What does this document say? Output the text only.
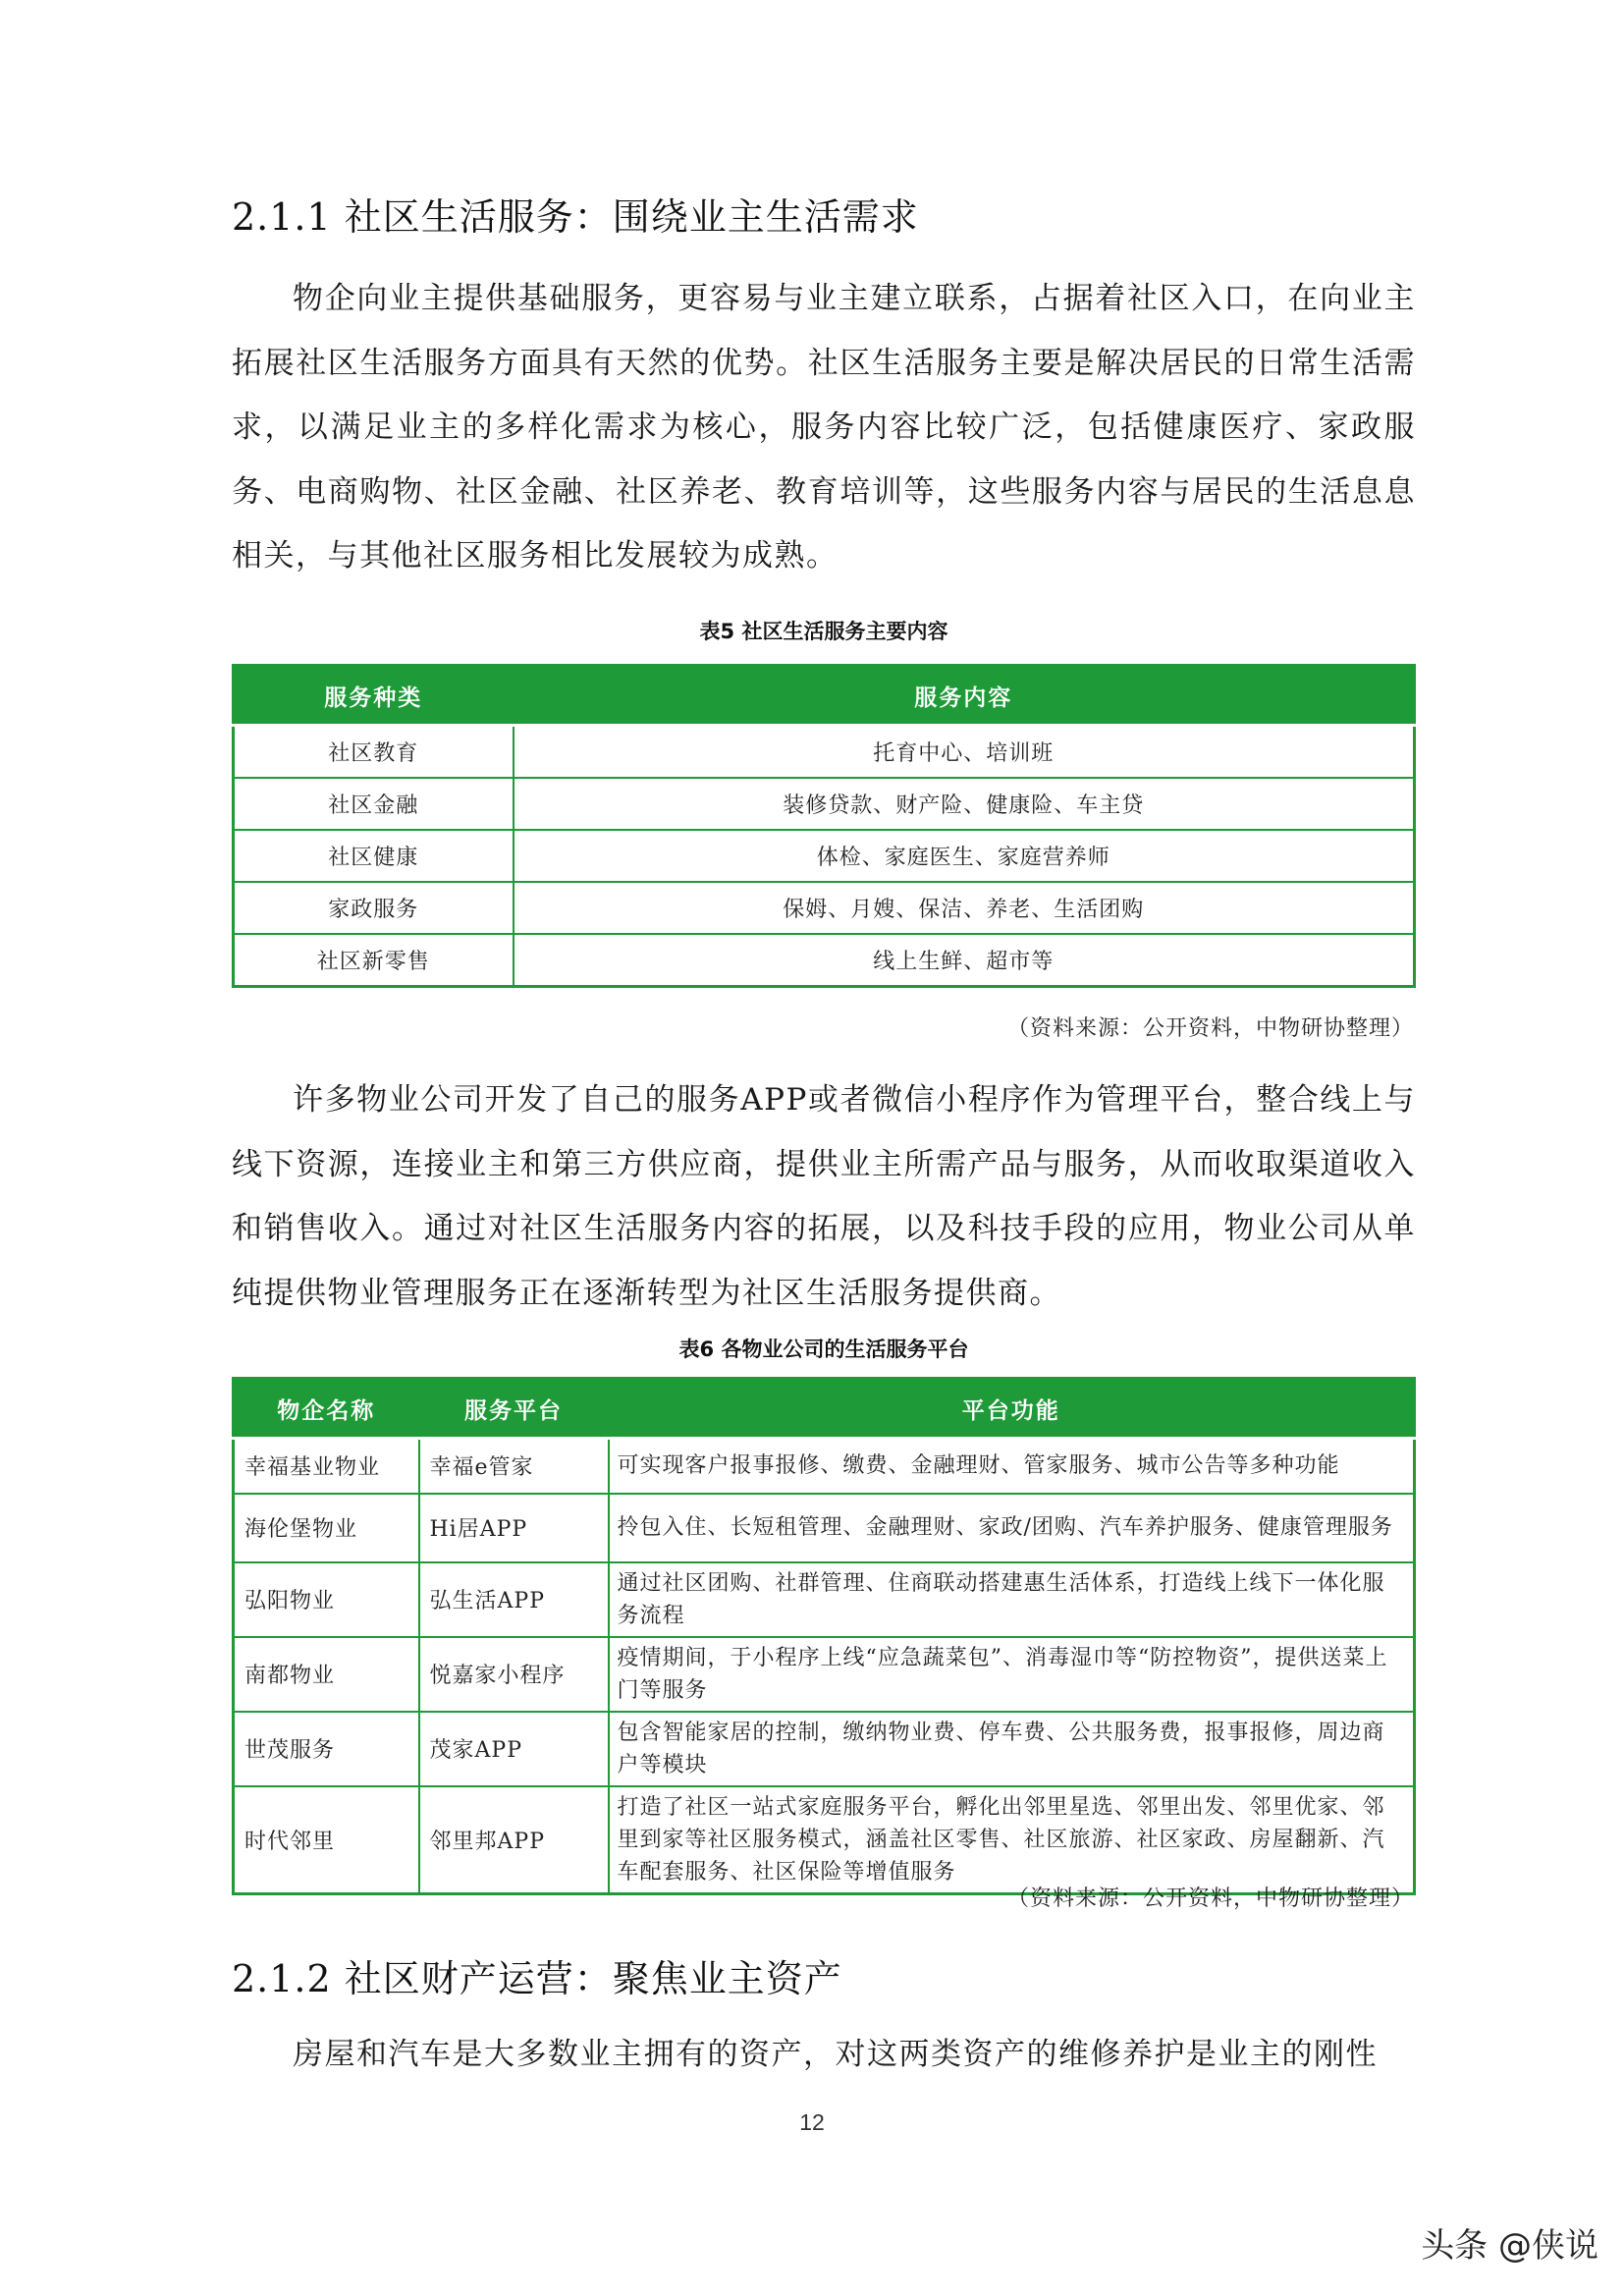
2.1.1 社区生活服务：围绕业主生活需求

物企向业主提供基础服务，更容易与业主建立联系，占据着社区入口，在向业主拓展社区生活服务方面具有天然的优势。社区生活服务主要是解决居民的日常生活需求，以满足业主的多样化需求为核心，服务内容比较广泛，包括健康医疗、家政服务、电商购物、社区金融、社区养老、教育培训等，这些服务内容与居民的生活息息相关，与其他社区服务相比发展较为成熟。

表5 社区生活服务主要内容

服务种类	服务内容
社区教育	托育中心、培训班
社区金融	装修贷款、财产险、健康险、车主贷
社区健康	体检、家庭医生、家庭营养师
家政服务	保姆、月嫂、保洁、养老、生活团购
社区新零售	线上生鲜、超市等

（资料来源：公开资料，中物研协整理）

许多物业公司开发了自己的服务APP或者微信小程序作为管理平台，整合线上与线下资源，连接业主和第三方供应商，提供业主所需产品与服务，从而收取渠道收入和销售收入。通过对社区生活服务内容的拓展，以及科技手段的应用，物业公司从单纯提供物业管理服务正在逐渐转型为社区生活服务提供商。

表6 各物业公司的生活服务平台

物企名称	服务平台	平台功能
幸福基业物业	幸福e管家	可实现客户报事报修、缴费、金融理财、管家服务、城市公告等多种功能
海伦堡物业	Hi居APP	拎包入住、长短租管理、金融理财、家政/团购、汽车养护服务、健康管理服务
弘阳物业	弘生活APP	通过社区团购、社群管理、住商联动搭建惠生活体系，打造线上线下一体化服务流程
南都物业	悦嘉家小程序	疫情期间，于小程序上线“应急蔬菜包”、消毒湿巾等“防控物资”，提供送菜上门等服务
世茂服务	茂家APP	包含智能家居的控制，缴纳物业费、停车费、公共服务费，报事报修，周边商户等模块
时代邻里	邻里邦APP	打造了社区一站式家庭服务平台，孵化出邻里星选、邻里出发、邻里优家、邻里到家等社区服务模式，涵盖社区零售、社区旅游、社区家政、房屋翻新、汽车配套服务、社区保险等增值服务

（资料来源：公开资料，中物研协整理）

2.1.2 社区财产运营：聚焦业主资产

房屋和汽车是大多数业主拥有的资产，对这两类资产的维修养护是业主的刚性

12
头条 @侠说
